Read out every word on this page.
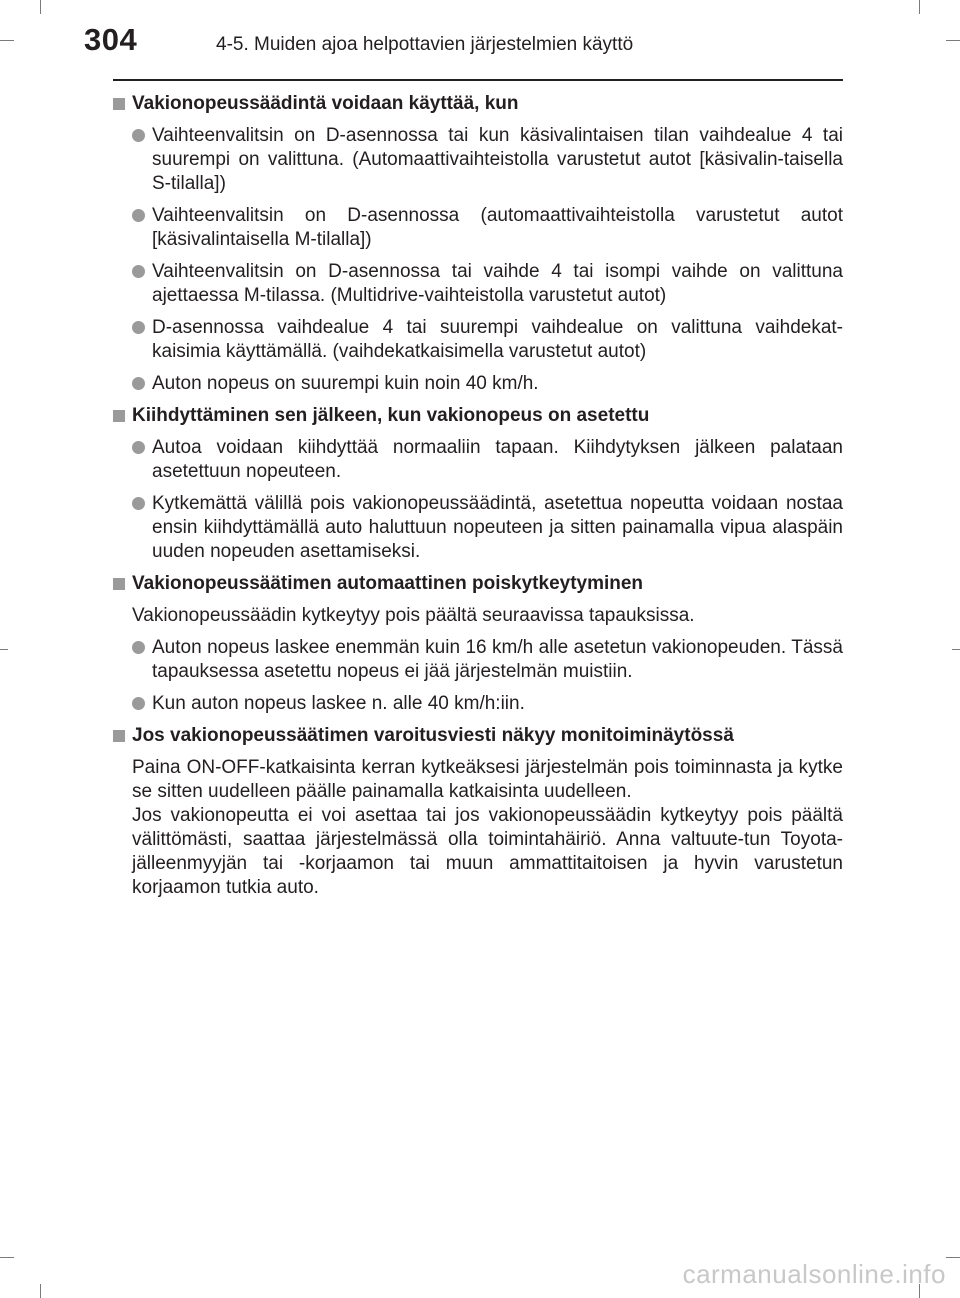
304	4-5. Muiden ajoa helpottavien järjestelmien käyttö
Vakionopeussäädintä voidaan käyttää, kun
Vaihteenvalitsin on D-asennossa tai kun käsivalintaisen tilan vaihdealue 4 tai suurempi on valittuna. (Automaattivaihteistolla varustetut autot [käsivalin-taisella S-tilalla])
Vaihteenvalitsin on D-asennossa (automaattivaihteistolla varustetut autot [käsivalintaisella M-tilalla])
Vaihteenvalitsin on D-asennossa tai vaihde 4 tai isompi vaihde on valittuna ajettaessa M-tilassa. (Multidrive-vaihteistolla varustetut autot)
D-asennossa vaihdealue 4 tai suurempi vaihdealue on valittuna vaihdekat-kaisimia käyttämällä. (vaihdekatkaisimella varustetut autot)
Auton nopeus on suurempi kuin noin 40 km/h.
Kiihdyttäminen sen jälkeen, kun vakionopeus on asetettu
Autoa voidaan kiihdyttää normaaliin tapaan. Kiihdytyksen jälkeen palataan asetettuun nopeuteen.
Kytkemättä välillä pois vakionopeussäädintä, asetettua nopeutta voidaan nostaa ensin kiihdyttämällä auto haluttuun nopeuteen ja sitten painamalla vipua alaspäin uuden nopeuden asettamiseksi.
Vakionopeussäätimen automaattinen poiskytkeytyminen
Vakionopeussäädin kytkeytyy pois päältä seuraavissa tapauksissa.
Auton nopeus laskee enemmän kuin 16 km/h alle asetetun vakionopeuden. Tässä tapauksessa asetettu nopeus ei jää järjestelmän muistiin.
Kun auton nopeus laskee n. alle 40 km/h:iin.
Jos vakionopeussäätimen varoitusviesti näkyy monitoiminäytössä
Paina ON-OFF-katkaisinta kerran kytkeäksesi järjestelmän pois toiminnasta ja kytke se sitten uudelleen päälle painamalla katkaisinta uudelleen.
Jos vakionopeutta ei voi asettaa tai jos vakionopeussäädin kytkeytyy pois päältä välittömästi, saattaa järjestelmässä olla toimintahäiriö. Anna valtuute-tun Toyota-jälleenmyyjän tai -korjaamon tai muun ammattitaitoisen ja hyvin varustetun korjaamon tutkia auto.
carmanualsonline.info
